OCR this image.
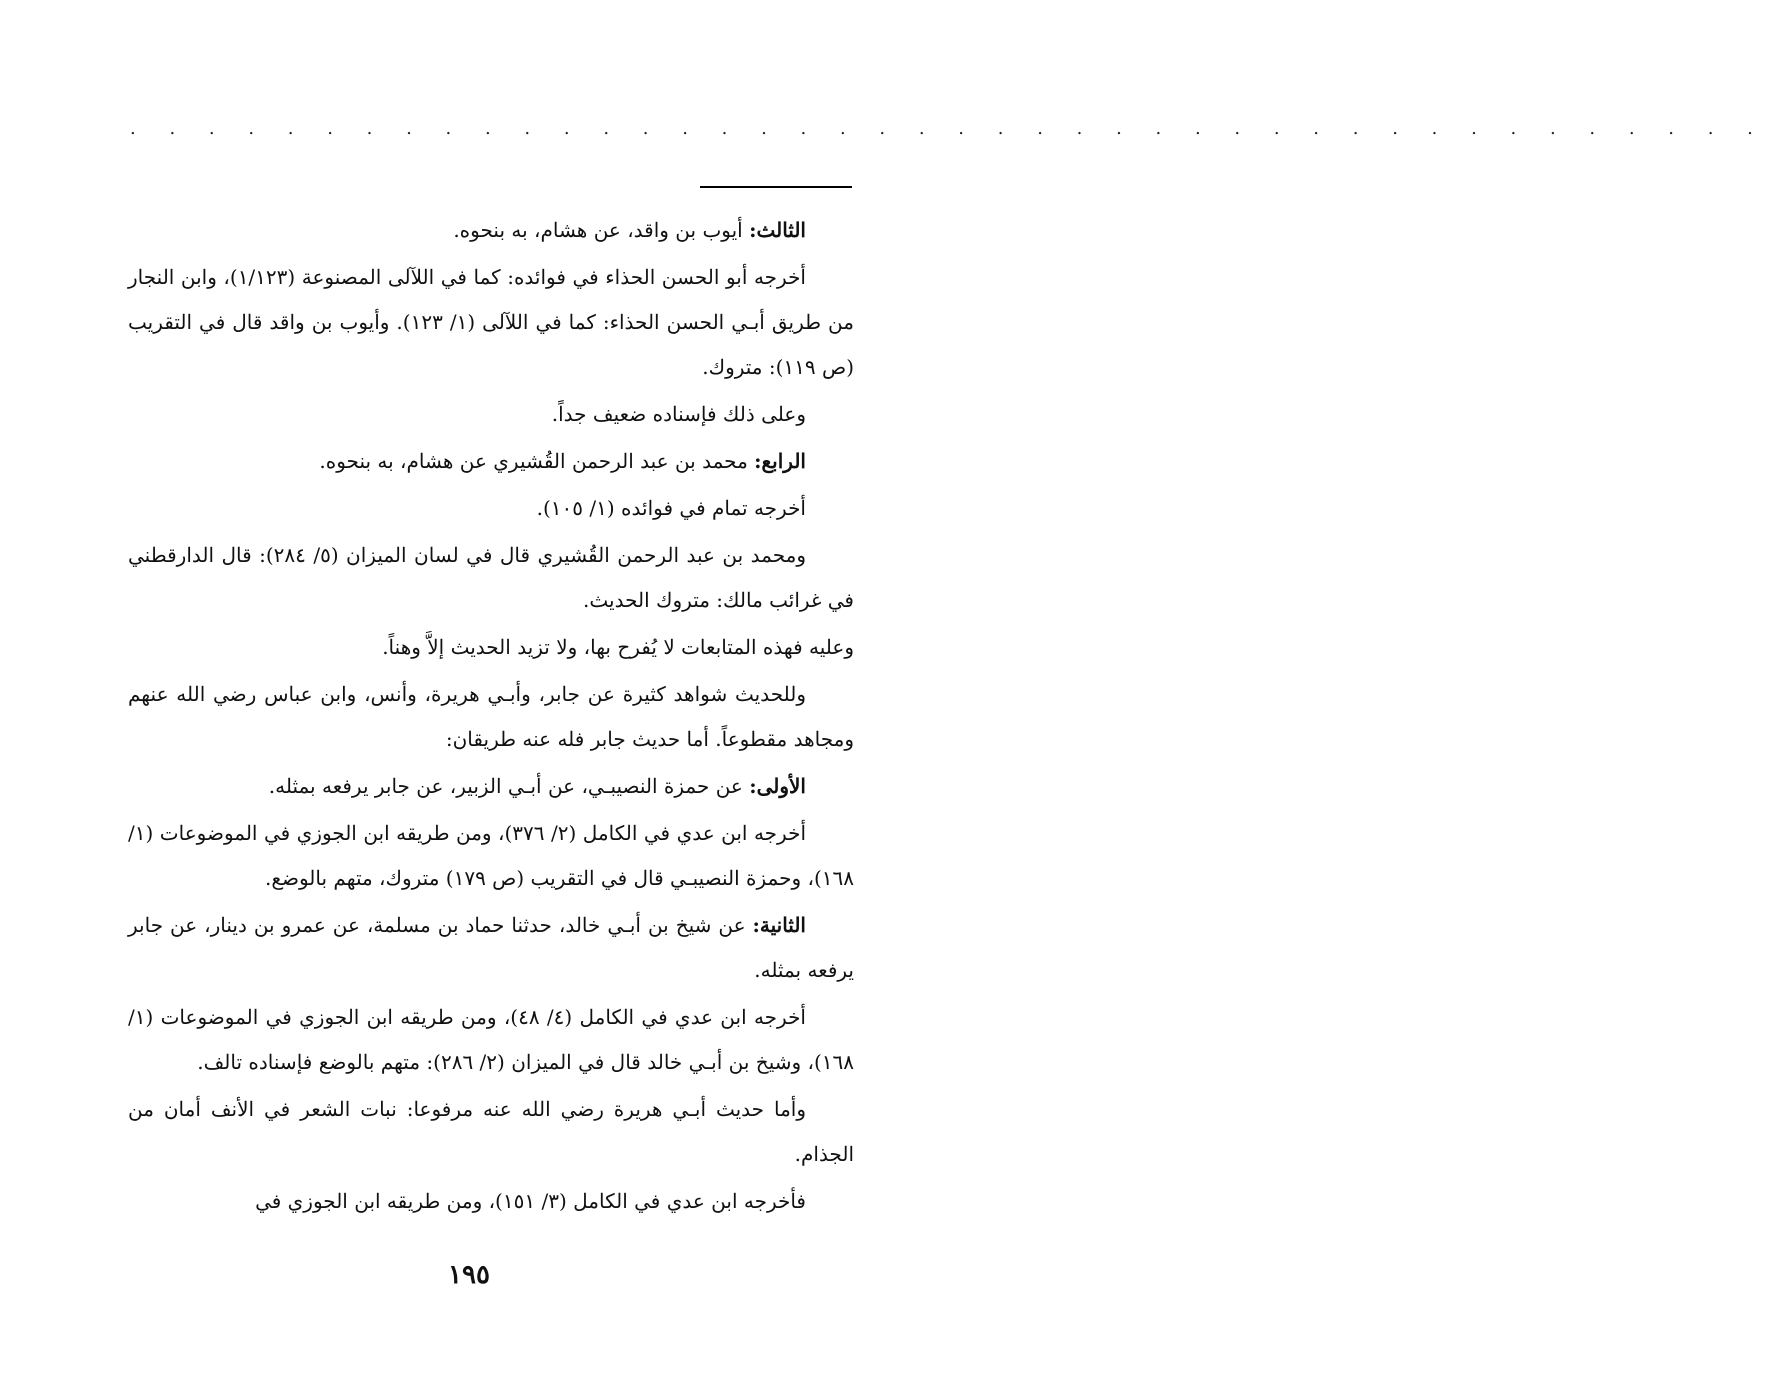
. . . . . . . . . . . . . . . . . . . . . . . . . . . . . . . . . . . . . . . . . .

الثالث: أيوب بن واقد، عن هشام، به بنحوه.

أخرجه أبو الحسن الحذاء في فوائده: كما في اللآلى المصنوعة (١/١٢٣)، وابن النجار من طريق أبـي الحسن الحذاء: كما في اللآلى (١/ ١٢٣). وأيوب بن واقد قال في التقريب (ص ١١٩): متروك.

وعلى ذلك فإسناده ضعيف جداً.

الرابع: محمد بن عبد الرحمن القُشيري عن هشام، به بنحوه.

أخرجه تمام في فوائده (١/ ١٠٥).

ومحمد بن عبد الرحمن القُشيري قال في لسان الميزان (٥/ ٢٨٤): قال الدارقطني في غرائب مالك: متروك الحديث.

وعليه فهذه المتابعات لا يُفرح بها، ولا تزيد الحديث إلاَّ وهناً.

وللحديث شواهد كثيرة عن جابر، وأبـي هريرة، وأنس، وابن عباس رضي الله عنهم ومجاهد مقطوعاً. أما حديث جابر فله عنه طريقان:

الأولى: عن حمزة النصيبـي، عن أبـي الزبير، عن جابر يرفعه بمثله.

أخرجه ابن عدي في الكامل (٢/ ٣٧٦)، ومن طريقه ابن الجوزي في الموضوعات (١/ ١٦٨)، وحمزة النصيبـي قال في التقريب (ص ١٧٩) متروك، متهم بالوضع.

الثانية: عن شيخ بن أبـي خالد، حدثنا حماد بن مسلمة، عن عمرو بن دينار، عن جابر يرفعه بمثله.

أخرجه ابن عدي في الكامل (٤/ ٤٨)، ومن طريقه ابن الجوزي في الموضوعات (١/ ١٦٨)، وشيخ بن أبـي خالد قال في الميزان (٢/ ٢٨٦): متهم بالوضع فإسناده تالف.

وأما حديث أبـي هريرة رضي الله عنه مرفوعا: نبات الشعر في الأنف أمان من الجذام.

فأخرجه ابن عدي في الكامل (٣/ ١٥١)، ومن طريقه ابن الجوزي في

١٩٥
